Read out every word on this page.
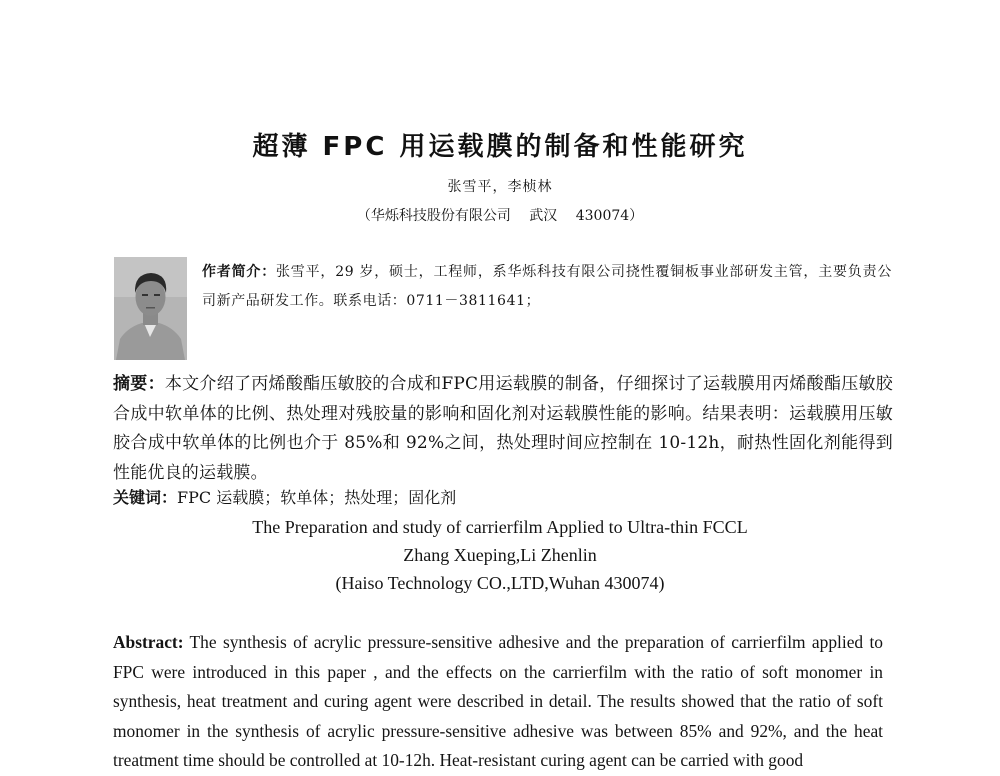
超薄 FPC 用运载膜的制备和性能研究
张雪平，李桢林
（华烁科技股份有限公司　 武汉　 430074）
作者简介：张雪平，29 岁，硕士，工程师，系华烁科技有限公司挠性覆铜板事业部研发主管，主要负责公司新产品研发工作。联系电话：0711－3811641；
摘要：本文介绍了丙烯酸酯压敏胶的合成和FPC用运载膜的制备，仔细探讨了运载膜用丙烯酸酯压敏胶合成中软单体的比例、热处理对残胶量的影响和固化剂对运载膜性能的影响。结果表明：运载膜用压敏胶合成中软单体的比例也介于 85%和 92%之间，热处理时间应控制在 10-12h，耐热性固化剂能得到性能优良的运载膜。
关键词：FPC 运载膜；软单体；热处理；固化剂
The Preparation and study of carrierfilm Applied to Ultra-thin FCCL
Zhang Xueping,Li Zhenlin
(Haiso Technology CO.,LTD,Wuhan 430074)
Abstract: The synthesis of acrylic pressure-sensitive adhesive and the preparation of carrierfilm applied to FPC were introduced in this paper , and the effects on the carrierfilm with the ratio of soft monomer in synthesis, heat treatment and curing agent were described in detail. The results showed that the ratio of soft monomer in the synthesis of acrylic pressure-sensitive adhesive was between 85% and 92%, and the heat treatment time should be controlled at 10-12h. Heat-resistant curing agent can be carried with good
